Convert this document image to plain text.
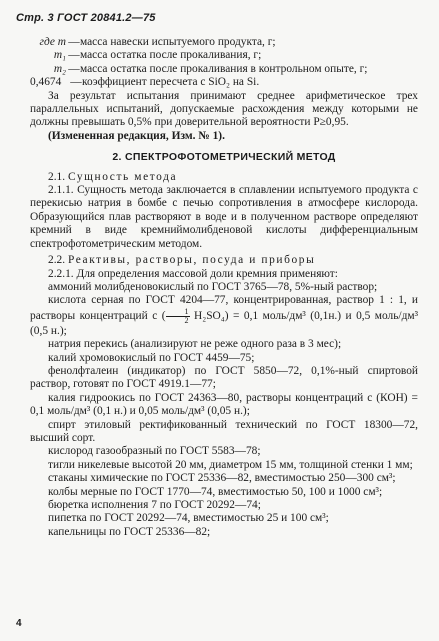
Стр. 3 ГОСТ 20841.2—75
где m — масса навески испытуемого продукта, г;
m₁ — масса остатка после прокаливания, г;
m₂ — масса остатка после прокаливания в контрольном опыте, г;
0,4674 — коэффициент пересчета с SiO₂ на Si.

За результат испытания принимают среднее арифметическое трех параллельных испытаний, допускаемые расхождения между которыми не должны превышать 0,5% при доверительной вероятности P≥0,95.

(Измененная редакция, Изм. № 1).

2. СПЕКТРОФОТОМЕТРИЧЕСКИЙ МЕТОД

2.1. Сущность метода

2.1.1. Сущность метода заключается в сплавлении испытуемого продукта с перекисью натрия в бомбе с печью сопротивления в атмосфере кислорода. Образующийся плав растворяют в воде и в полученном растворе определяют кремний в виде кремниймолибденовой кислоты дифференциальным спектрофотометрическим методом.

2.2. Реактивы, растворы, посуда и приборы

2.2.1. Для определения массовой доли кремния применяют:

аммоний молибденовокислый по ГОСТ 3765—78, 5%-ный раствор;

кислота серная по ГОСТ 4204—77, концентрированная, раствор 1 : 1, и растворы концентраций с ( $\frac{1}{2} H_2SO_4) = 0,1$ моль/дм³ (0,1н.) и 0,5 моль/дм³ (0,5 н.);

натрия перекись (анализируют не реже одного раза в 3 мес);

калий хромовокислый по ГОСТ 4459—75;

фенолфталеин (индикатор) по ГОСТ 5850—72, 0,1%-ный спиртовой раствор, готовят по ГОСТ 4919.1—77;

калия гидроокись по ГОСТ 24363—80, растворы концентраций с (КОН) = 0,1 моль/дм³ (0,1 н.) и 0,05 моль/дм³ (0,05 н.);

спирт этиловый ректификованный технический по ГОСТ 18300—72, высший сорт.

кислород газообразный по ГОСТ 5583—78;

тигли никелевые высотой 20 мм, диаметром 15 мм, толщиной стенки 1 мм;

стаканы химические по ГОСТ 25336—82, вместимостью 250—300 см³;

колбы мерные по ГОСТ 1770—74, вместимостью 50, 100 и 1000 см³;

бюретка исполнения 7 по ГОСТ 20292—74;

пипетка по ГОСТ 20292—74, вместимостью 25 и 100 см³;

капельницы по ГОСТ 25336—82;

4
